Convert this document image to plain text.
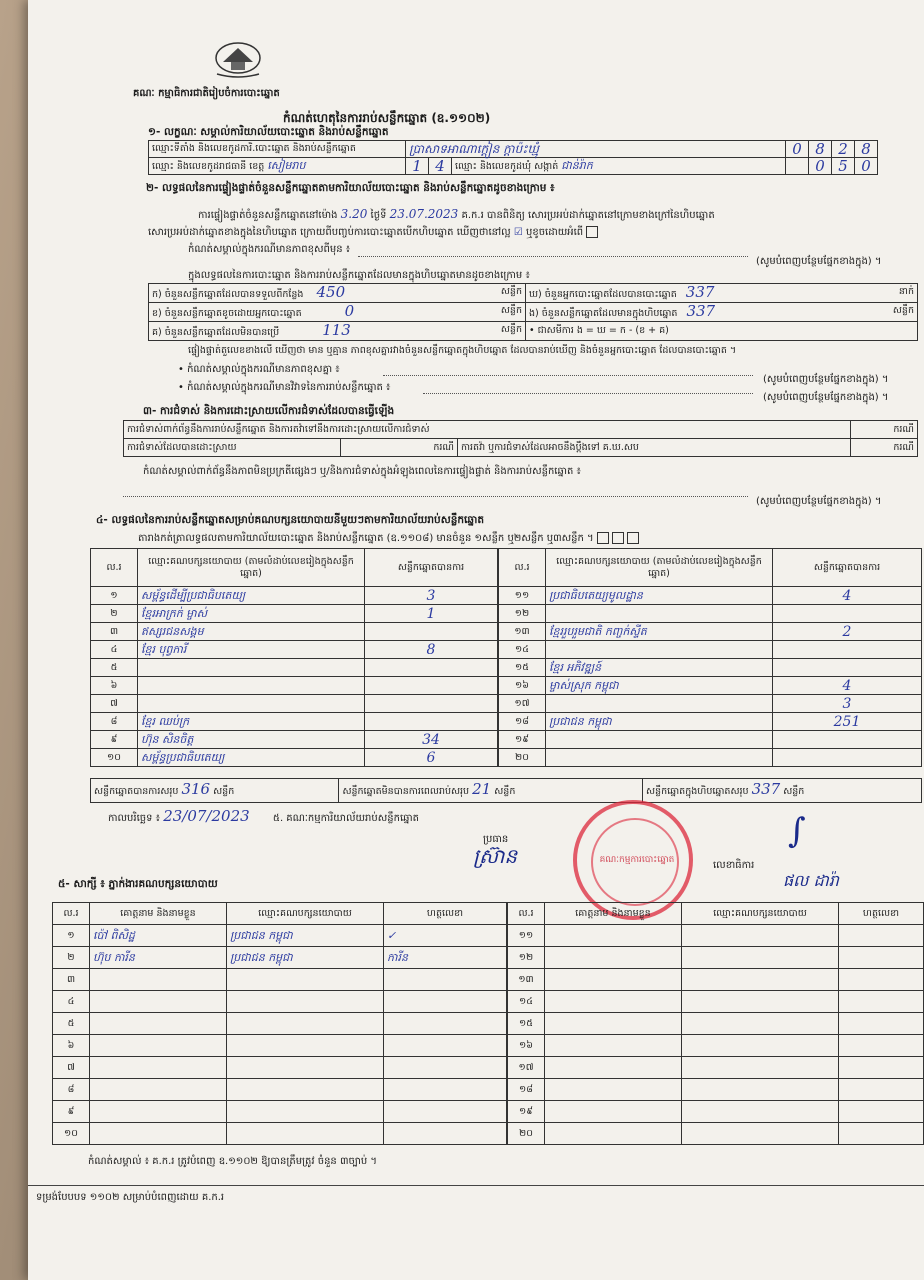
គណៈ កម្មាធិការជាតិរៀបចំការបោះឆ្នោត
កំណត់ហេតុនៃការរាប់សន្លឹកឆ្នោត (ឧ.១១០២)
១- លក្ខណៈ សម្គាល់ការិយាល័យបោះឆ្នោត និងរាប់សន្លឹកឆ្នោត
ឈ្មោះទីតាំង និងលេខកូដការិ.បោះឆ្នោត និងរាប់សន្លឹកឆ្នោត	ប្រាសាទអាណាក្ដៀន ក្ដាប៉ះឃ្មុំ			0	8	2	8
ឈ្មោះ និងលេខកូដរាជធានី ខេត្ត សៀមរាប	1	4	ឈ្មោះ និងលេខកូដឃុំ សង្កាត់ ជាន់រ៉ាក		0	5	0
២- លទ្ធផលនៃការផ្ទៀងផ្ទាត់ចំនួនសន្លឹកឆ្នោតតាមការិយាល័យបោះឆ្នោត និងរាប់សន្លឹកឆ្នោតដូចខាងក្រោម ៖
ការផ្ទៀងផ្ទាត់ចំនួនសន្លឹកឆ្នោតនៅម៉ោង 3.20 ថ្ងៃទី 23.07.2023 គ.ក.រ បានពិនិត្យ សោរប្រអប់ដាក់ឆ្នោតនៅក្រោមខាងក្រៅនៃហិបឆ្នោត
សោរប្រអប់ដាក់ឆ្នោតខាងក្នុងនៃហិបឆ្នោត ក្រោយពីបញ្ចប់ការបោះឆ្នោតបើកហិបឆ្នោត ឃើញថានៅល្អ ☑ ឬខូចដោយអំពើ
កំណត់សម្គាល់ក្នុងករណីមានភាពខុសពីមុន ៖
(សូមបំពេញបន្ថែមផ្នែកខាងក្នុង) ។
ក្នុងលទ្ធផលនៃការបោះឆ្នោត និងការរាប់សន្លឹកឆ្នោតដែលមានក្នុងហិបឆ្នោតមានដូចខាងក្រោម ៖
ក) ចំនួនសន្លឹកឆ្នោតដែលបានទទួលពីកន្លែង 450 សន្លឹក	ឃ) ចំនួនអ្នកបោះឆ្នោតដែលបានបោះឆ្នោត 337 នាក់

ខ) ចំនួនសន្លឹកឆ្នោតខូចដោយអ្នកបោះឆ្នោត 0 សន្លឹក	ង) ចំនួនសន្លឹកឆ្នោតដែលមានក្នុងហិបឆ្នោត 337 សន្លឹក

គ) ចំនួនសន្លឹកឆ្នោតដែលមិនបានប្រើ 113 សន្លឹក	• ជាសមីការ ង = ឃ = ក - (ខ + គ)
ផ្ទៀងផ្ទាត់តួលេខខាងលើ ឃើញថា មាន ឬគ្មាន ភាពខុសគ្នារវាងចំនួនសន្លឹកឆ្នោតក្នុងហិបឆ្នោត ដែលបានរាប់ឃើញ និងចំនួនអ្នកបោះឆ្នោត ដែលបានបោះឆ្នោត ។
• កំណត់សម្គាល់ក្នុងករណីមានភាពខុសគ្នា ៖
(សូមបំពេញបន្ថែមផ្នែកខាងក្នុង) ។
• កំណត់សម្គាល់ក្នុងករណីមានវិវាទនៃការរាប់សន្លឹកឆ្នោត ៖
(សូមបំពេញបន្ថែមផ្នែកខាងក្នុង) ។
៣- ការជំទាស់ និងការដោះស្រាយលើការជំទាស់ដែលបានធ្វើឡើង
ការជំទាស់ពាក់ព័ន្ធនឹងការរាប់សន្លឹកឆ្នោត និងការតវ៉ាទៅនឹងការដោះស្រាយលើការជំទាស់			ករណី
ការជំទាស់ដែលបានដោះស្រាយ	ករណី	ការតវ៉ា ឬការជំទាស់ដែលអាចនឹងប្ដឹងទៅ គ.ឃ.សប	ករណី
កំណត់សម្គាល់ពាក់ព័ន្ធនឹងភាពមិនប្រក្រតីផ្សេងៗ ឬ/និងការជំទាស់ក្នុងអំឡុងពេលនៃការផ្ទៀងផ្ទាត់ និងការរាប់សន្លឹកឆ្នោត ៖
(សូមបំពេញបន្ថែមផ្នែកខាងក្នុង) ។
៤- លទ្ធផលនៃការរាប់សន្លឹកឆ្នោតសម្រាប់គណបក្សនយោបាយនីមួយៗតាមការិយាល័យរាប់សន្លឹកឆ្នោត
តារាងកត់ត្រាលទ្ធផលតាមការិយាល័យបោះឆ្នោត និងរាប់សន្លឹកឆ្នោត (ឧ.១១០៨) មានចំនួន ១សន្លឹក ឬ២សន្លឹក ឬ៣សន្លឹក ។
ល.រ	ឈ្មោះគណបក្សនយោបាយ (តាមលំដាប់លេខរៀងក្នុងសន្លឹកឆ្នោត)	សន្លឹកឆ្នោតបានការ
១	សម្ព័ន្ធដើម្បីប្រជាធិបតេយ្យ	3
២	ខ្មែរអាក្រក់ ម្ចាស់	1
៣	ឥស្សរជនសង្គម	
៤	ខ្មែរ បុព្វការី	8
៥		
៦		
៧		
៨	ខ្មែរ ឈប់ក្រ	
៩	ហ៊ុន សិនចិត្ត	34
១០	សម្ព័ន្ធប្រជាធិបតេយ្យ	6
ល.រ	ឈ្មោះគណបក្សនយោបាយ (តាមលំដាប់លេខរៀងក្នុងសន្លឹកឆ្នោត)	សន្លឹកឆ្នោតបានការ
១១	ប្រជាធិបតេយ្យមូលដ្ឋាន	4
១២		
១៣	ខ្មែររួបរួមជាតិ កញ្ចក់ស្ទីត	2
១៤		
១៥	ខ្មែរ អភិវឌ្ឍន៍	
១៦	ម្ចាស់ស្រុក កម្ពុជា	4
១៧		3
១៨	ប្រជាជន កម្ពុជា	251
១៩		
២០		
សន្លឹកឆ្នោតបានការសរុប 316 សន្លឹក	សន្លឹកឆ្នោតមិនបានការពេលរាប់សរុប 21 សន្លឹក	សន្លឹកឆ្នោតក្នុងហិបឆ្នោតសរុប 337 សន្លឹក
កាលបរិច្ឆេទ ៖ 23/07/2023 ៥. គណៈកម្មការិយាល័យរាប់សន្លឹកឆ្នោត
ប្រធាន
លេខាធិការ
ស្រ៊ាន
∫
ផល ដារ៉ា
គណៈកម្មការបោះឆ្នោត
៥- សាក្សី ៖ ភ្នាក់ងារគណបក្សនយោបាយ
ល.រ	គោត្តនាម និងនាមខ្លួន	ឈ្មោះគណបក្សនយោបាយ	ហត្ថលេខា
១	ប៉ៅ ពិសិដ្ឋ	ប្រជាជន កម្ពុជា	✓
២	ហ៊ុប ការីន	ប្រជាជន កម្ពុជា	ការីន
៣			
៤			
៥			
៦			
៧			
៨			
៩			
១០			
ល.រ	គោត្តនាម និងនាមខ្លួន	ឈ្មោះគណបក្សនយោបាយ	ហត្ថលេខា
១១			
១២			
១៣			
១៤			
១៥			
១៦			
១៧			
១៨			
១៩			
២០			
កំណត់សម្គាល់ ៖ គ.ក.រ ត្រូវបំពេញ ឧ.១១០២ ឱ្យបានត្រឹមត្រូវ ចំនួន ៣ច្បាប់ ។
ទម្រង់បែបបទ ១១០២ សម្រាប់បំពេញដោយ គ.ក.រ
